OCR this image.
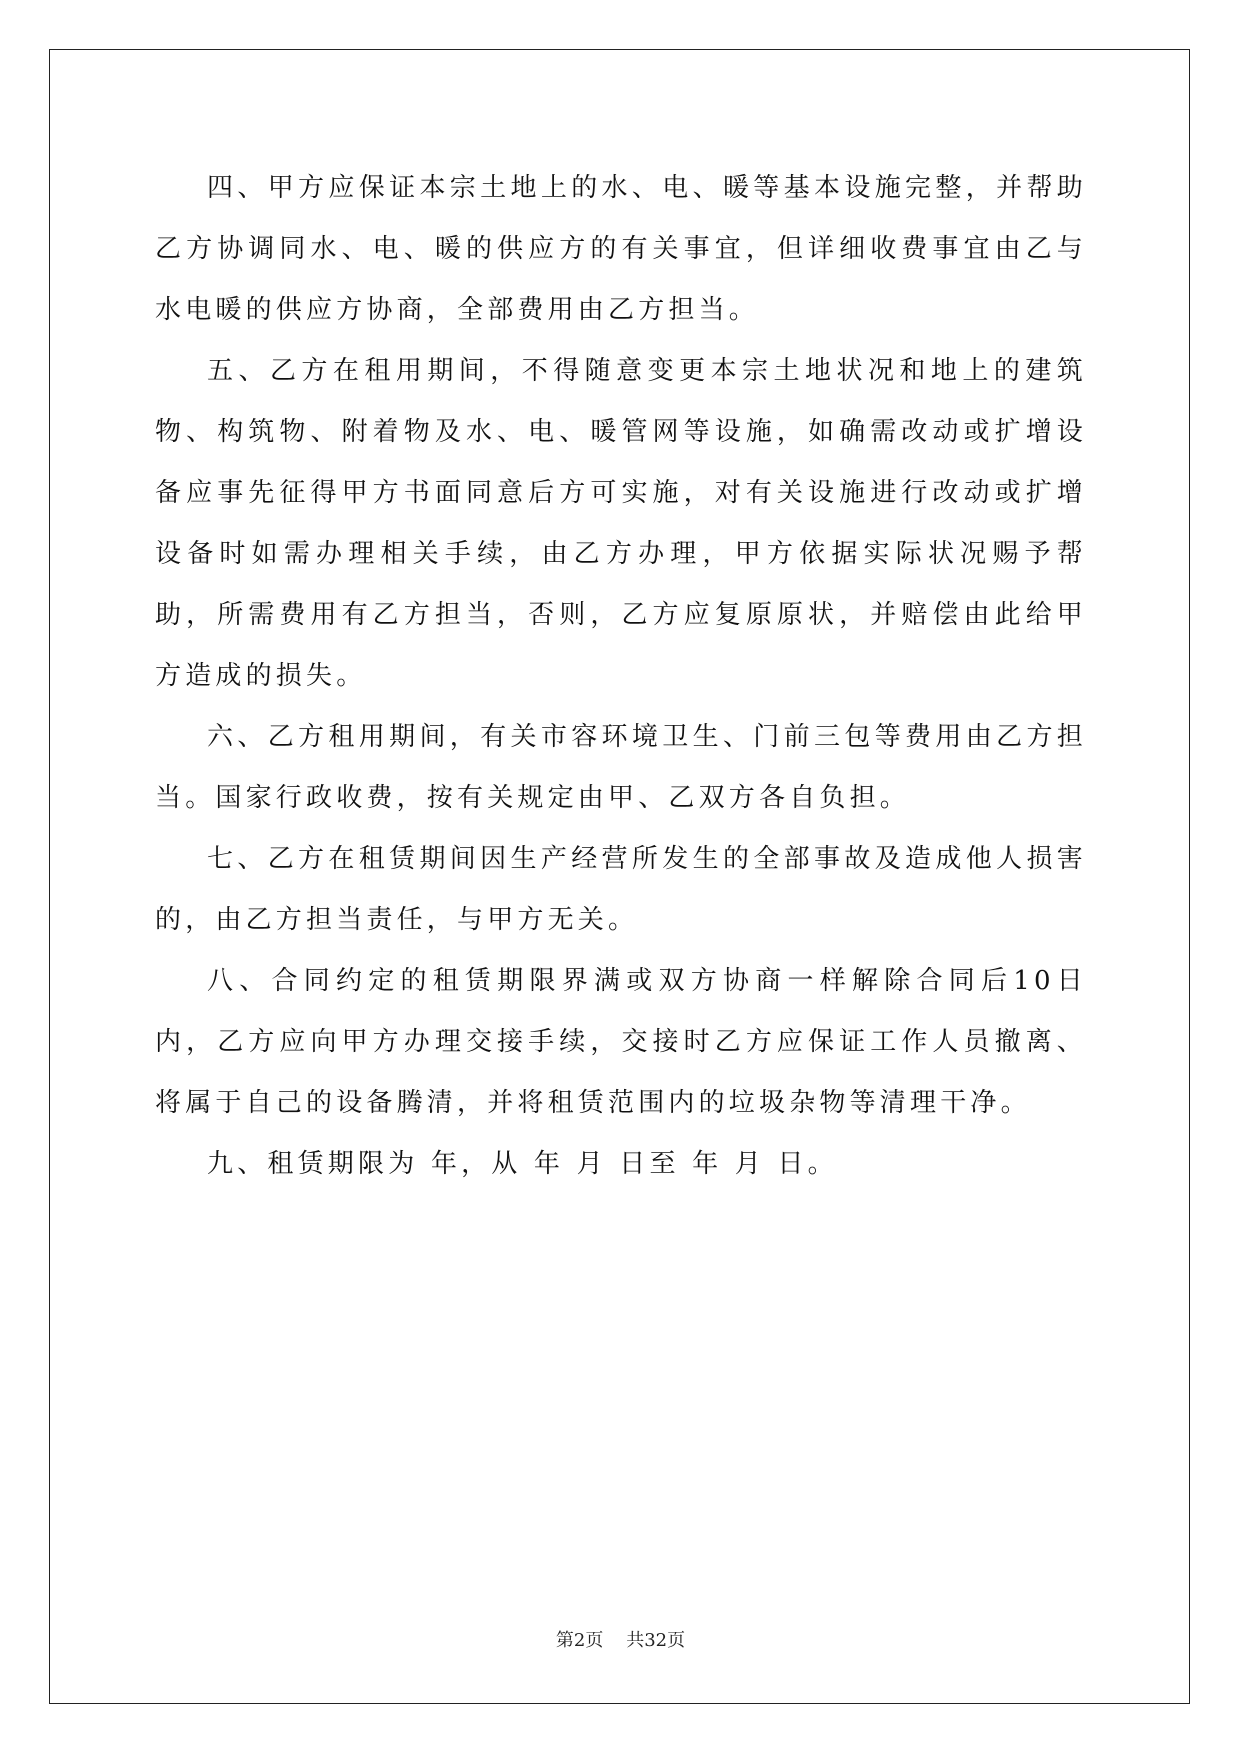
四、甲方应保证本宗土地上的水、电、暖等基本设施完整，并帮助乙方协调同水、电、暖的供应方的有关事宜，但详细收费事宜由乙与水电暖的供应方协商，全部费用由乙方担当。

五、乙方在租用期间，不得随意变更本宗土地状况和地上的建筑物、构筑物、附着物及水、电、暖管网等设施，如确需改动或扩增设备应事先征得甲方书面同意后方可实施，对有关设施进行改动或扩增设备时如需办理相关手续，由乙方办理，甲方依据实际状况赐予帮助，所需费用有乙方担当，否则，乙方应复原原状，并赔偿由此给甲方造成的损失。

六、乙方租用期间，有关市容环境卫生、门前三包等费用由乙方担当。国家行政收费，按有关规定由甲、乙双方各自负担。

七、乙方在租赁期间因生产经营所发生的全部事故及造成他人损害的，由乙方担当责任，与甲方无关。

八、合同约定的租赁期限界满或双方协商一样解除合同后10日内，乙方应向甲方办理交接手续，交接时乙方应保证工作人员撤离、将属于自己的设备腾清，并将租赁范围内的垃圾杂物等清理干净。

九、租赁期限为 年，从 年 月 日至 年 月 日。

第2页    共32页
